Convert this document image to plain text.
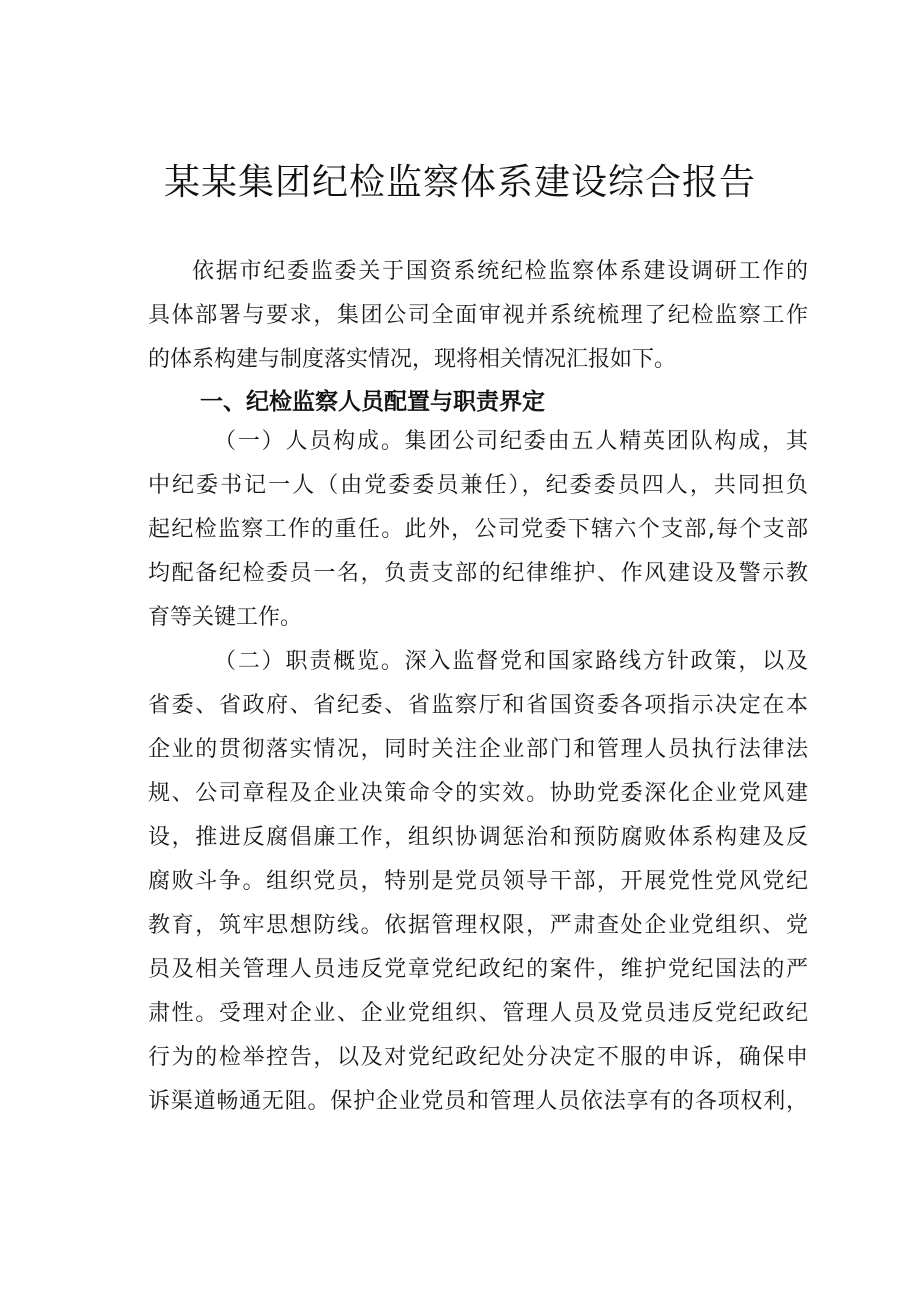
某某集团纪检监察体系建设综合报告
依据市纪委监委关于国资系统纪检监察体系建设调研工作的
具体部署与要求，集团公司全面审视并系统梳理了纪检监察工作
的体系构建与制度落实情况，现将相关情况汇报如下。
一、纪检监察人员配置与职责界定
（一）人员构成。集团公司纪委由五人精英团队构成，其
中纪委书记一人（由党委委员兼任），纪委委员四人，共同担负
起纪检监察工作的重任。此外，公司党委下辖六个支部,每个支部
均配备纪检委员一名，负责支部的纪律维护、作风建设及警示教
育等关键工作。
（二）职责概览。深入监督党和国家路线方针政策，以及
省委、省政府、省纪委、省监察厅和省国资委各项指示决定在本
企业的贯彻落实情况，同时关注企业部门和管理人员执行法律法
规、公司章程及企业决策命令的实效。协助党委深化企业党风建
设，推进反腐倡廉工作，组织协调惩治和预防腐败体系构建及反
腐败斗争。组织党员，特别是党员领导干部，开展党性党风党纪
教育，筑牢思想防线。依据管理权限，严肃查处企业党组织、党
员及相关管理人员违反党章党纪政纪的案件，维护党纪国法的严
肃性。受理对企业、企业党组织、管理人员及党员违反党纪政纪
行为的检举控告，以及对党纪政纪处分决定不服的申诉，确保申
诉渠道畅通无阻。保护企业党员和管理人员依法享有的各项权利，
